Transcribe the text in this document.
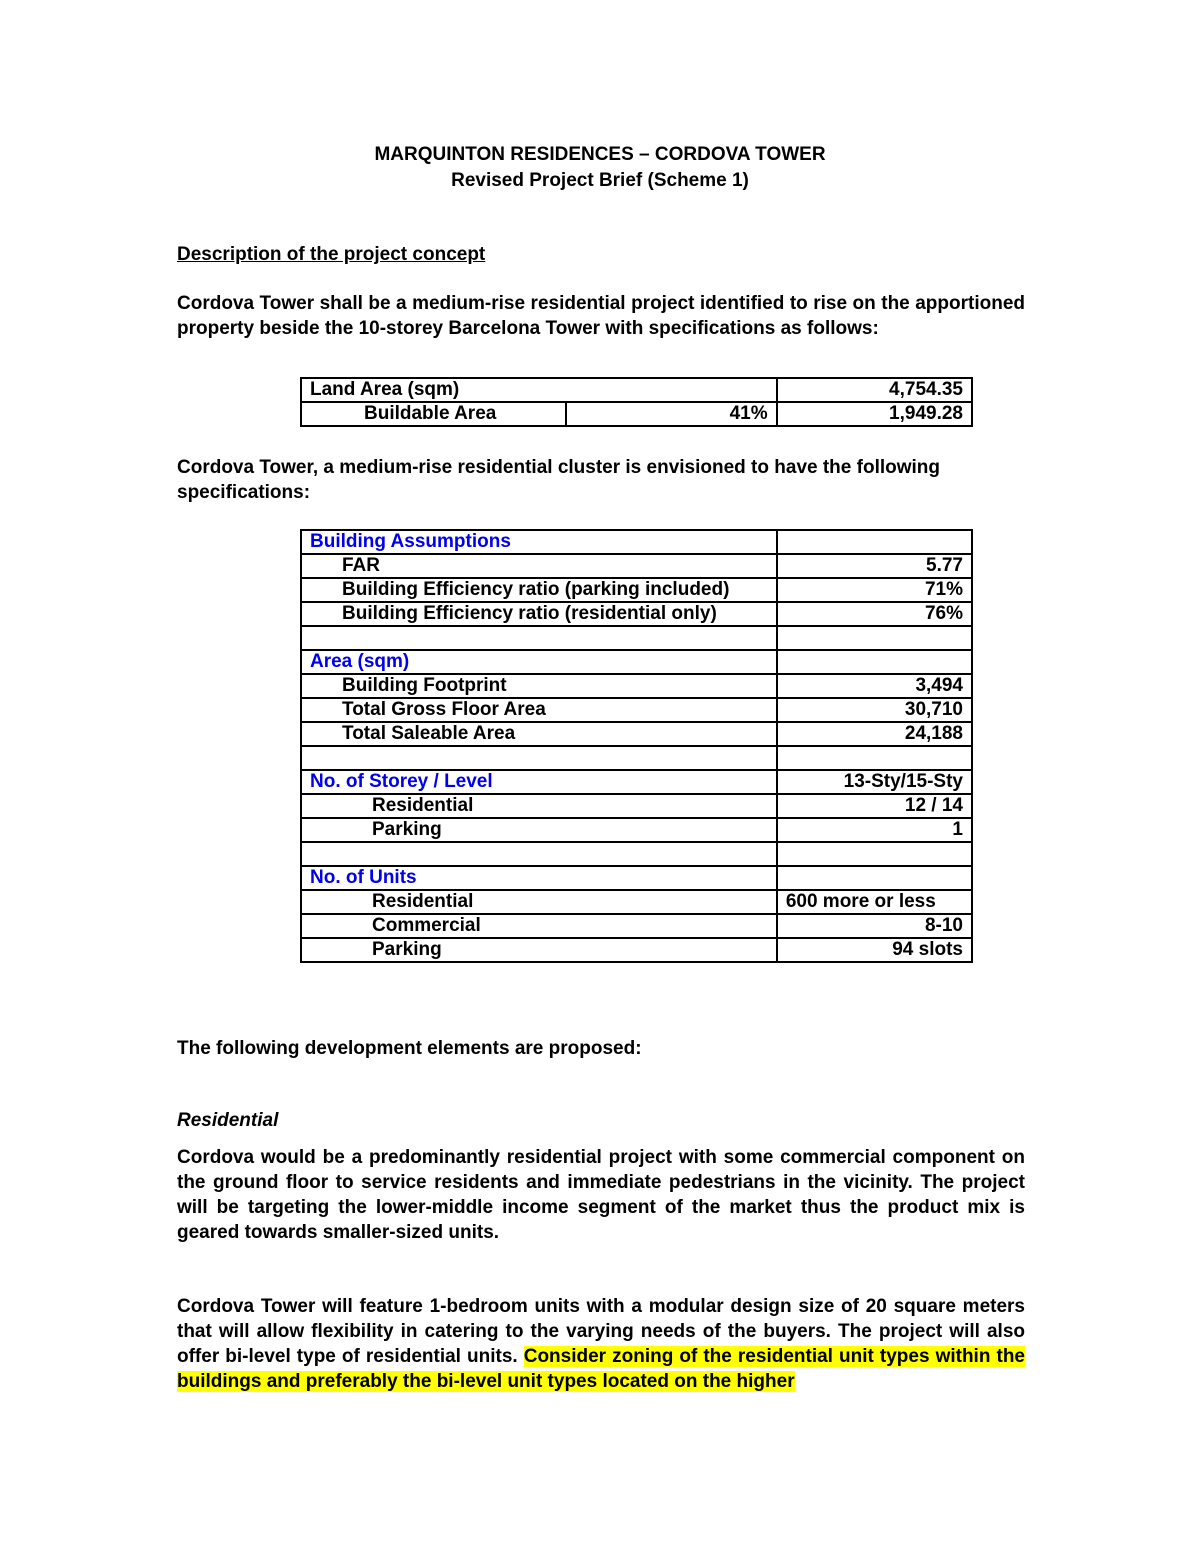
MARQUINTON RESIDENCES – CORDOVA TOWER
Revised Project Brief (Scheme 1)
Description of the project concept
Cordova Tower shall be a medium-rise residential project identified to rise on the apportioned property beside the 10-storey Barcelona Tower with specifications as follows:
Land Area (sqm)		4,754.35
Buildable Area	41%	1,949.28
Cordova Tower, a medium-rise residential cluster is envisioned to have the following specifications:
Building Assumptions	
FAR	5.77
Building Efficiency ratio (parking included)	71%
Building Efficiency ratio (residential only)	76%

Area (sqm)	
Building Footprint	3,494
Total Gross Floor Area	30,710
Total Saleable Area	24,188

No. of Storey / Level	13-Sty/15-Sty
Residential	12 / 14
Parking	1

No. of Units	
Residential	600 more or less
Commercial	8-10
Parking	94 slots
The following development elements are proposed:
Residential
Cordova would be a predominantly residential project with some commercial component on the ground floor to service residents and immediate pedestrians in the vicinity. The project will be targeting the lower-middle income segment of the market thus the product mix is geared towards smaller-sized units.
Cordova Tower will feature 1-bedroom units with a modular design size of 20 square meters that will allow flexibility in catering to the varying needs of the buyers. The project will also offer bi-level type of residential units. Consider zoning of the residential unit types within the buildings and preferably the bi-level unit types located on the higher
